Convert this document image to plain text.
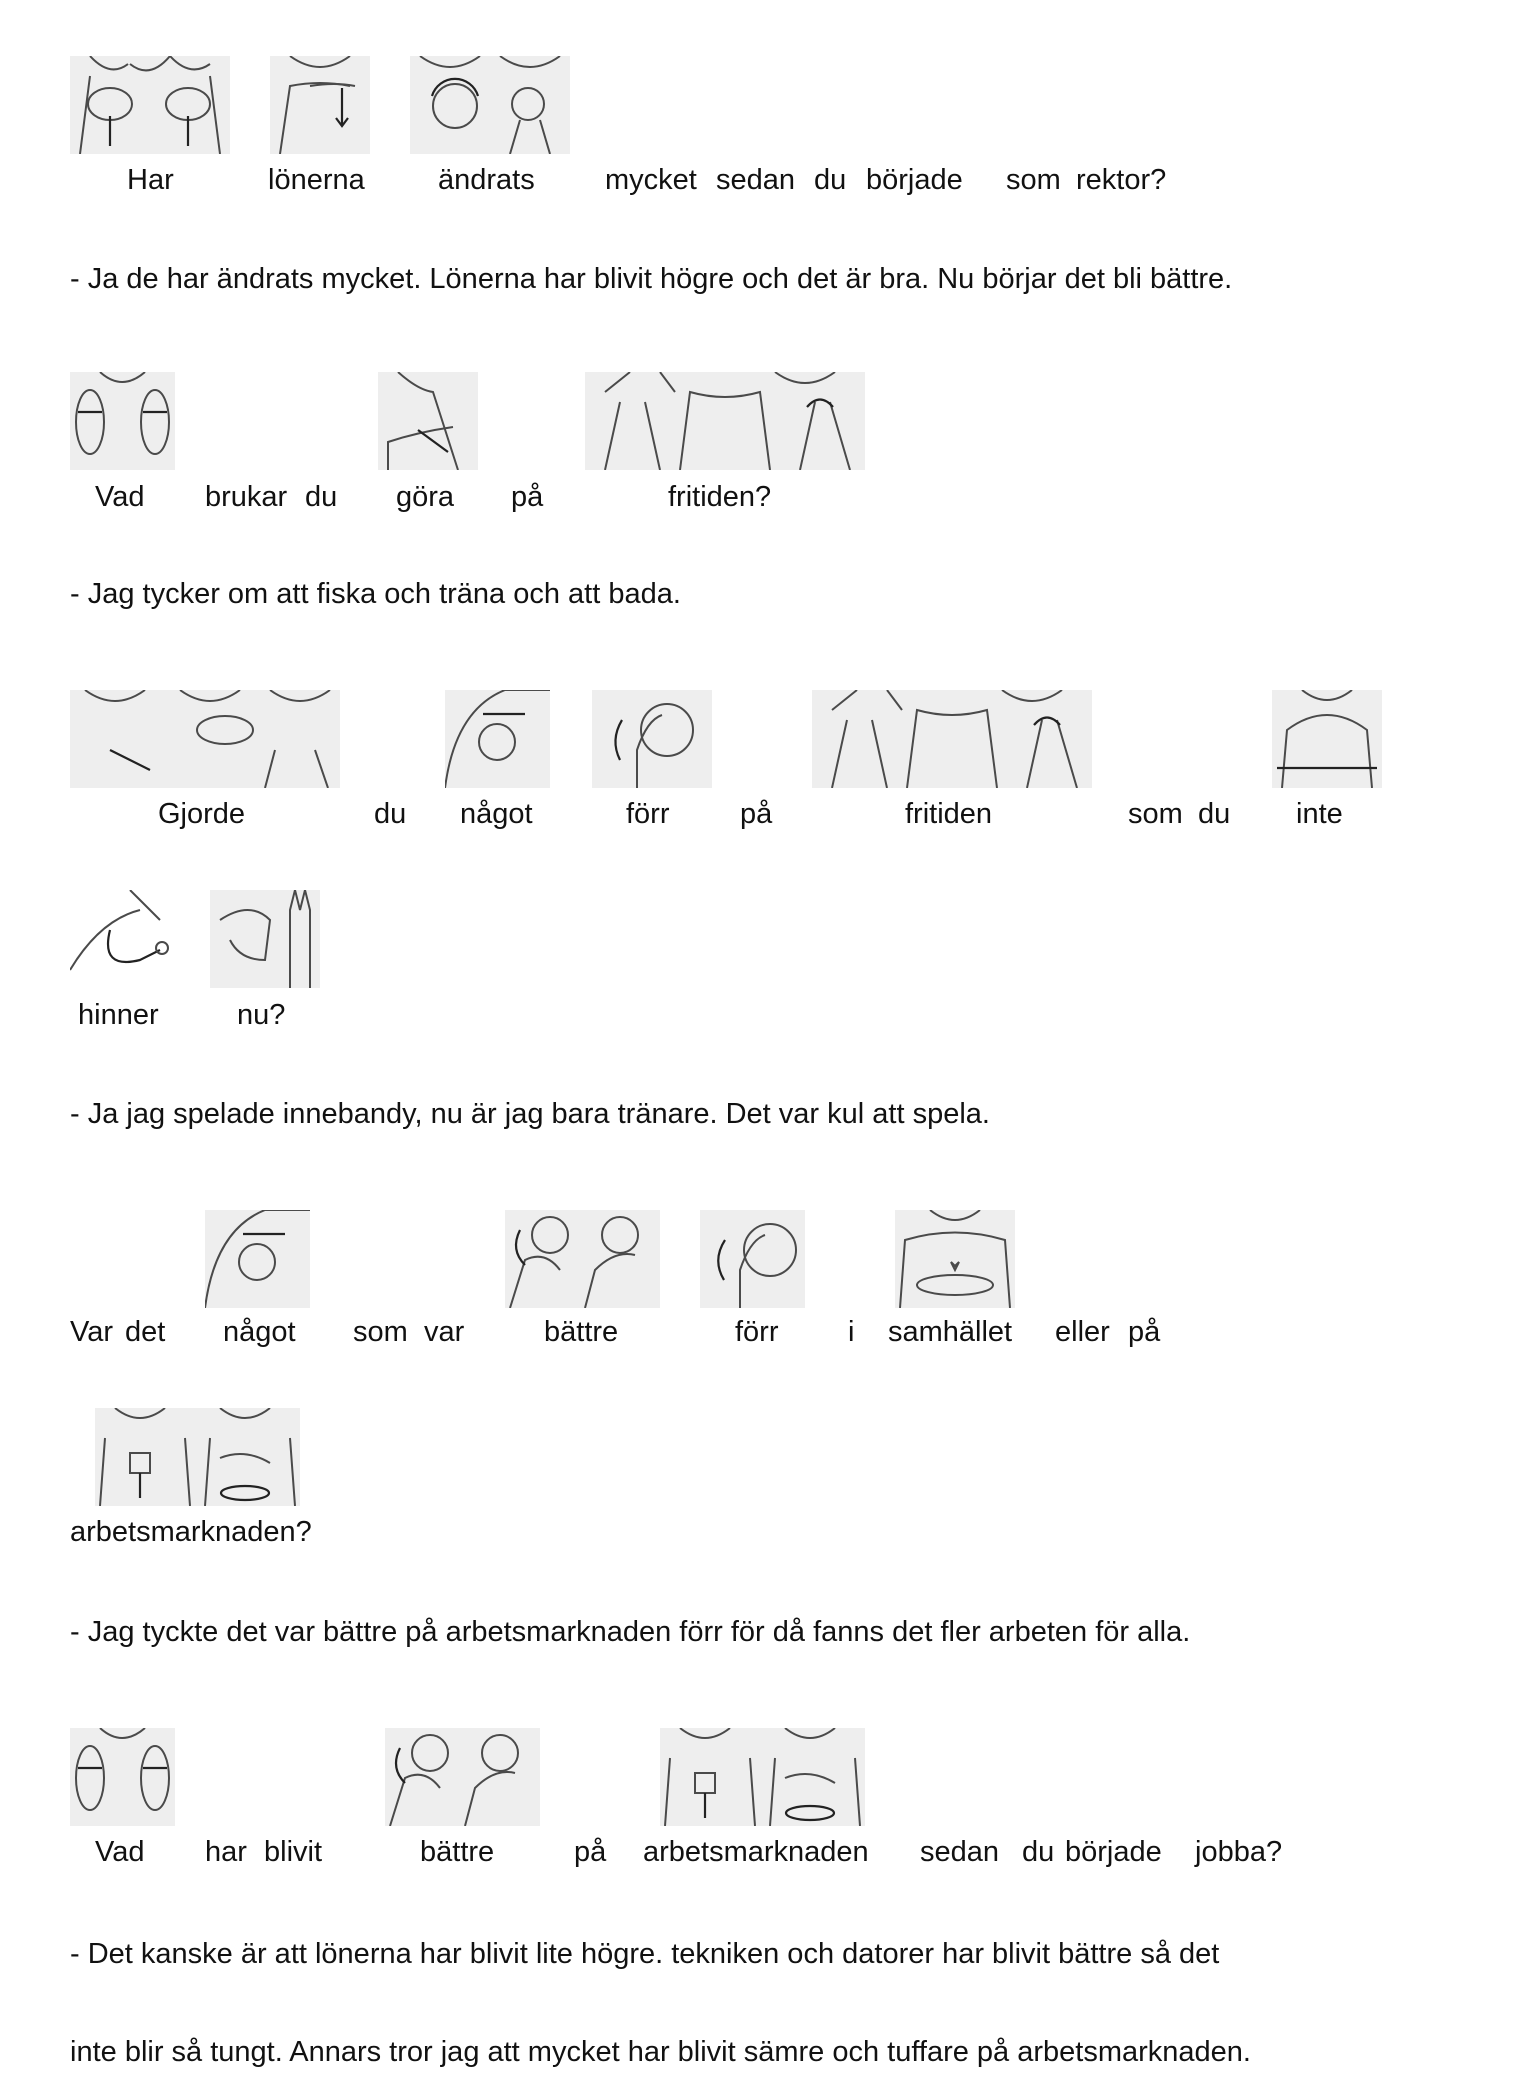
Har	lönerna	ändrats mycket sedan du började som rektor?
- Ja de har ändrats mycket. Lönerna har blivit högre och det är bra. Nu börjar det bli bättre.
Vad brukar du göra på	fritiden?
- Jag tycker om att fiska och träna och att bada.
Gjorde	du något	förr på	fritiden	som du inte
hinner	nu?
- Ja jag spelade innebandy, nu är jag bara tränare. Det var kul att spela.
Var det något som var	bättre	förr i samhället eller på
arbetsmarknaden?
- Jag tyckte det var bättre på arbetsmarknaden förr för då fanns det fler arbeten för alla.
Vad har blivit	bättre	på arbetsmarknaden sedan du började jobba?
- Det kanske är att lönerna har blivit lite högre. tekniken och datorer har blivit bättre så det
inte blir så tungt. Annars tror jag att mycket har blivit sämre och tuffare på arbetsmarknaden.
